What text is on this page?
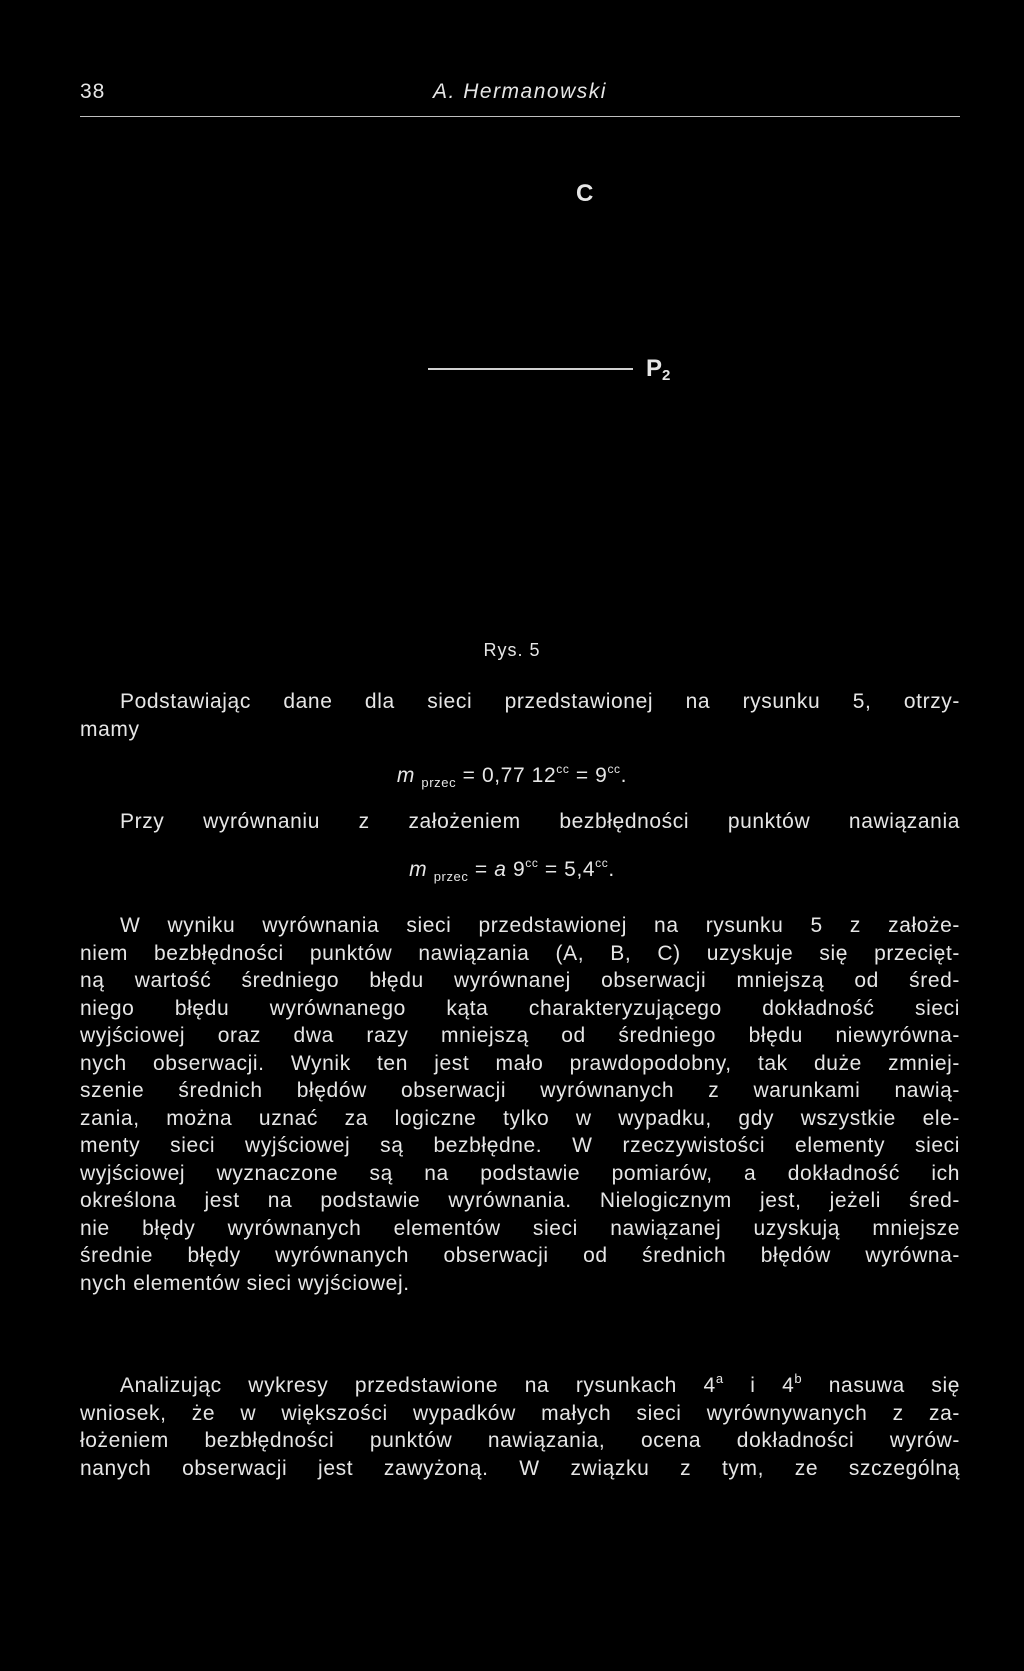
38	A. Hermanowski
C
$P_2$
Rys. 5
Podstawiając dane dla sieci przedstawionej na rysunku 5, otrzy-
mamy
m $_{przec}$ = 0,77 $12^{cc} = 9^{cc}$.
Przy wyrównaniu z założeniem bezbłędności punktów nawiązania
m $_{przec}$ = a $9^{cc} = 5,4^{cc}$.
W wyniku wyrównania sieci przedstawionej na rysunku 5 z założe-
niem bezbłędności punktów nawiązania (A, B, C) uzyskuje się przecięt-
ną wartość średniego błędu wyrównanej obserwacji mniejszą od śred-
niego błędu wyrównanego kąta charakteryzującego dokładność sieci
wyjściowej oraz dwa razy mniejszą od średniego błędu niewyrówna-
nych obserwacji. Wynik ten jest mało prawdopodobny, tak duże zmniej-
szenie średnich błędów obserwacji wyrównanych z warunkami nawią-
zania, można uznać za logiczne tylko w wypadku, gdy wszystkie ele-
menty sieci wyjściowej są bezbłędne. W rzeczywistości elementy sieci
wyjściowej wyznaczone są na podstawie pomiarów, a dokładność ich
określona jest na podstawie wyrównania. Nielogicznym jest, jeżeli śred-
nie błędy wyrównanych elementów sieci nawiązanej uzyskują mniejsze
średnie błędy wyrównanych obserwacji od średnich błędów wyrówna-
nych elementów sieci wyjściowej.
Analizując wykresy przedstawione na rysunkach 4$^a$ i 4$^b$ nasuwa się
wniosek, że w większości wypadków małych sieci wyrównywanych z za-
łożeniem bezbłędności punktów nawiązania, ocena dokładności wyrów-
nanych obserwacji jest zawyżoną. W związku z tym, ze szczególną
